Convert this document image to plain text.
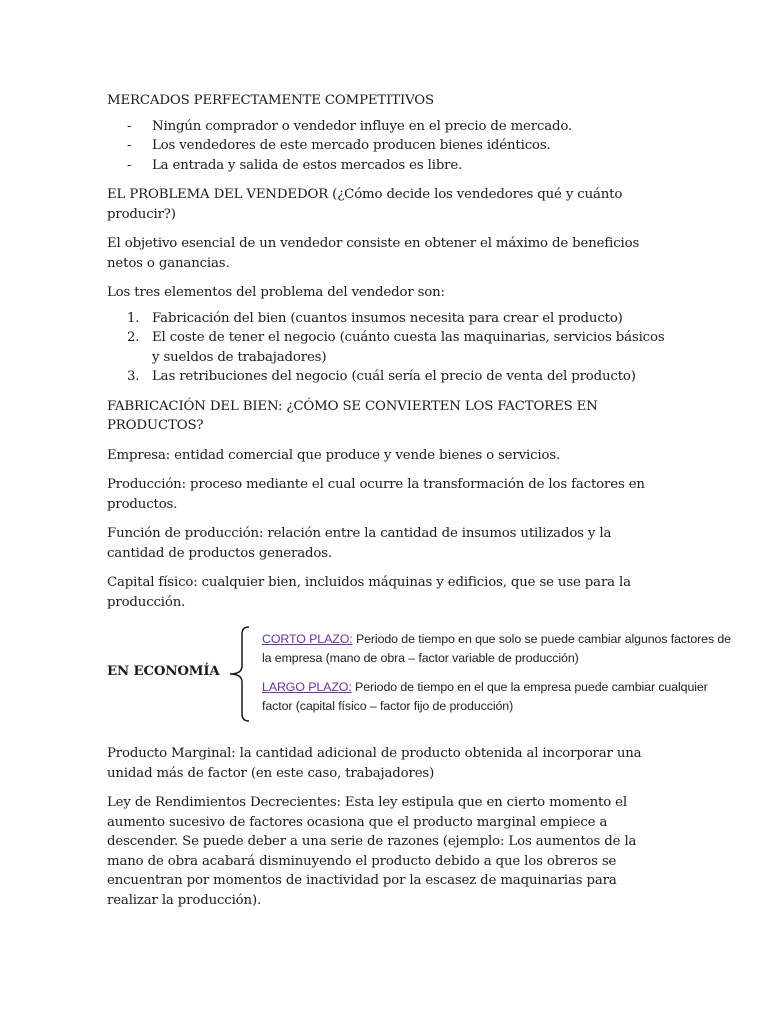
MERCADOS PERFECTAMENTE COMPETITIVOS

- Ningún comprador o vendedor influye en el precio de mercado.
- Los vendedores de este mercado producen bienes idénticos.
- La entrada y salida de estos mercados es libre.

EL PROBLEMA DEL VENDEDOR (¿Cómo decide los vendedores qué y cuánto producir?)

El objetivo esencial de un vendedor consiste en obtener el máximo de beneficios netos o ganancias.

Los tres elementos del problema del vendedor son:

1. Fabricación del bien (cuantos insumos necesita para crear el producto)
2. El coste de tener el negocio (cuánto cuesta las maquinarias, servicios básicos y sueldos de trabajadores)
3. Las retribuciones del negocio (cuál sería el precio de venta del producto)

FABRICACIÓN DEL BIEN: ¿CÓMO SE CONVIERTEN LOS FACTORES EN PRODUCTOS?

Empresa: entidad comercial que produce y vende bienes o servicios.

Producción: proceso mediante el cual ocurre la transformación de los factores en productos.

Función de producción: relación entre la cantidad de insumos utilizados y la cantidad de productos generados.

Capital físico: cualquier bien, incluidos máquinas y edificios, que se use para la producción.

EN ECONOMÍA

CORTO PLAZO: Periodo de tiempo en que solo se puede cambiar algunos factores de la empresa (mano de obra – factor variable de producción)

LARGO PLAZO: Periodo de tiempo en el que la empresa puede cambiar cualquier factor (capital físico – factor fijo de producción)

Producto Marginal: la cantidad adicional de producto obtenida al incorporar una unidad más de factor (en este caso, trabajadores)

Ley de Rendimientos Decrecientes: Esta ley estipula que en cierto momento el aumento sucesivo de factores ocasiona que el producto marginal empiece a descender. Se puede deber a una serie de razones (ejemplo: Los aumentos de la mano de obra acabará disminuyendo el producto debido a que los obreros se encuentran por momentos de inactividad por la escasez de maquinarias para realizar la producción).
